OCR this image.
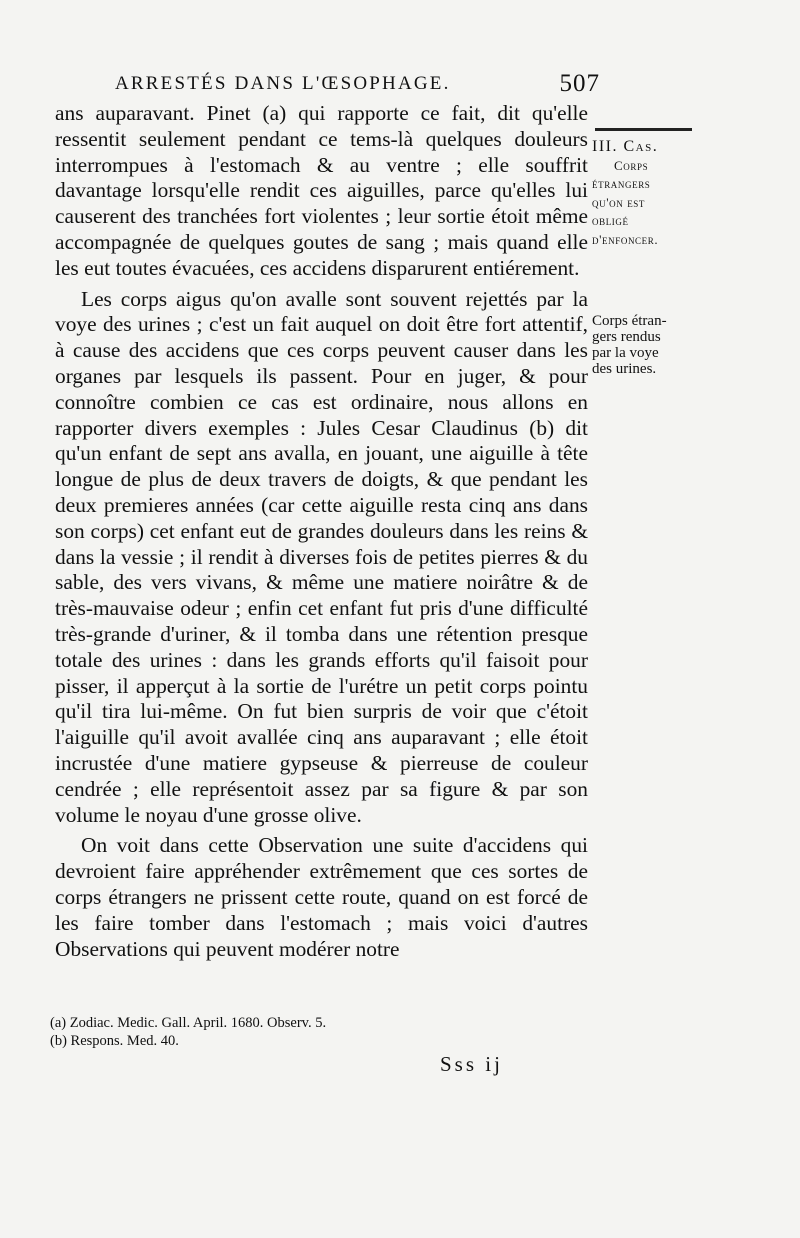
ARRESTÉS DANS L'ŒSOPHAGE.	507
III. Cas.
Corps
étrangers
qu'on est
obligé
d'enfoncer.
Corps étran-
gers rendus
par la voye
des urines.

ans auparavant. Pinet (a) qui rapporte ce fait, dit qu'elle ressentit seulement pendant ce tems-là quelques douleurs interrompues à l'estomach & au ventre ; elle souffrit davantage lorsqu'elle rendit ces aiguilles, parce qu'elles lui causerent des tranchées fort violentes ; leur sortie étoit même accompagnée de quelques goutes de sang ; mais quand elle les eut toutes évacuées, ces accidens disparurent entiérement.

Les corps aigus qu'on avalle sont souvent rejettés par la voye des urines ; c'est un fait auquel on doit être fort attentif, à cause des accidens que ces corps peuvent causer dans les organes par lesquels ils passent. Pour en juger, & pour connoître combien ce cas est ordinaire, nous allons en rapporter divers exemples : Jules Cesar Claudinus (b) dit qu'un enfant de sept ans avalla, en jouant, une aiguille à tête longue de plus de deux travers de doigts, & que pendant les deux premieres années (car cette aiguille resta cinq ans dans son corps) cet enfant eut de grandes douleurs dans les reins & dans la vessie ; il rendit à diverses fois de petites pierres & du sable, des vers vivans, & même une matiere noirâtre & de très-mauvaise odeur ; enfin cet enfant fut pris d'une difficulté très-grande d'uriner, & il tomba dans une rétention presque totale des urines : dans les grands efforts qu'il faisoit pour pisser, il apperçut à la sortie de l'urétre un petit corps pointu qu'il tira lui-même. On fut bien surpris de voir que c'étoit l'aiguille qu'il avoit avallée cinq ans auparavant ; elle étoit incrustée d'une matiere gypseuse & pierreuse de couleur cendrée ; elle représentoit assez par sa figure & par son volume le noyau d'une grosse olive.

On voit dans cette Observation une suite d'accidens qui devroient faire appréhender extrêmement que ces sortes de corps étrangers ne prissent cette route, quand on est forcé de les faire tomber dans l'estomach ; mais voici d'autres Observations qui peuvent modérer notre

(a) Zodiac. Medic. Gall. April. 1680. Observ. 5.
(b) Respons. Med. 40.
Sss ij
